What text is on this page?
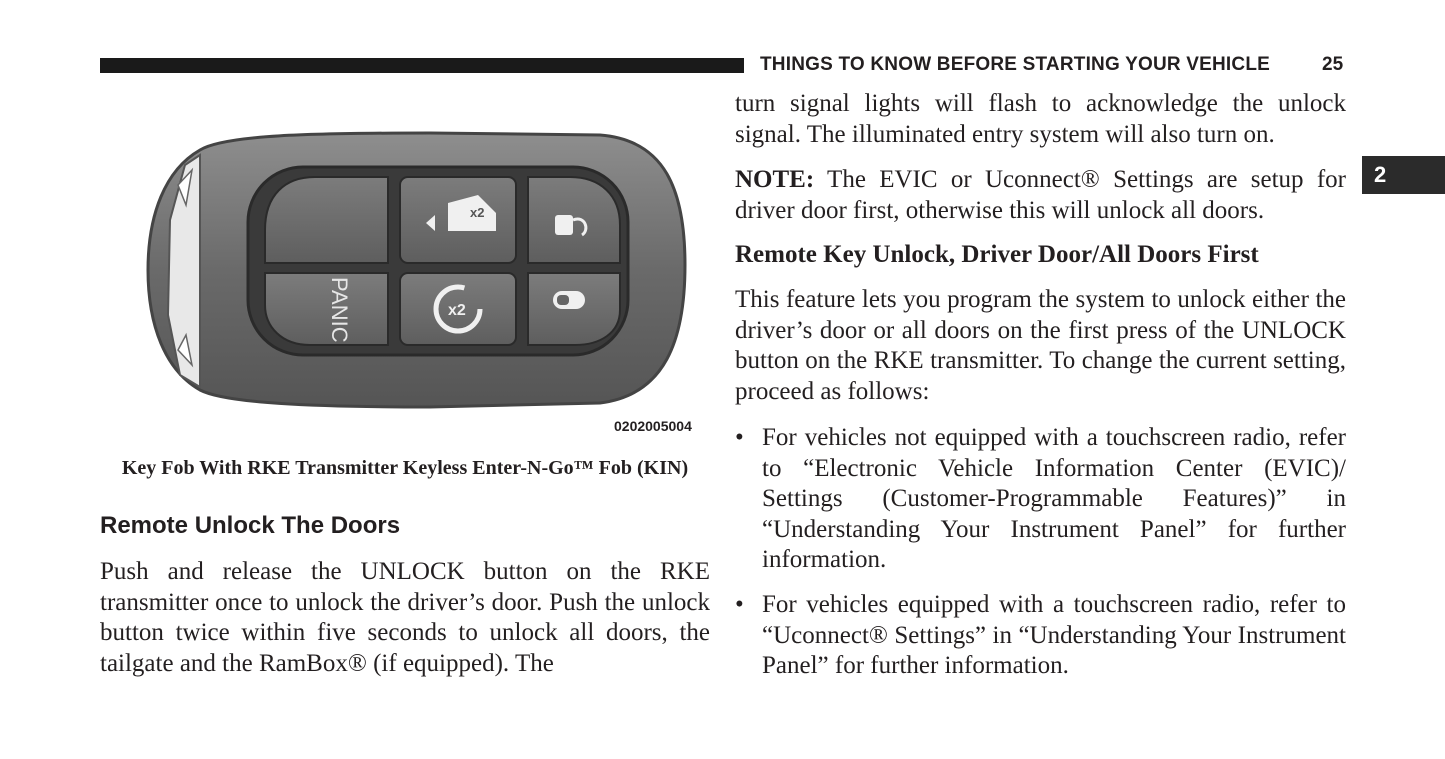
THINGS TO KNOW BEFORE STARTING YOUR VEHICLE	25
2
PANIC
x2
x2
0202005004
Key Fob With RKE Transmitter Keyless Enter-N-Go™ Fob (KIN)
Remote Unlock The Doors
Push and release the UNLOCK button on the RKE transmitter once to unlock the driver’s door. Push the unlock button twice within five seconds to unlock all doors, the tailgate and the RamBox® (if equipped). The
turn signal lights will flash to acknowledge the unlock signal. The illuminated entry system will also turn on.
NOTE: The EVIC or Uconnect® Settings are setup for driver door first, otherwise this will unlock all doors.
Remote Key Unlock, Driver Door/All Doors First
This feature lets you program the system to unlock either the driver’s door or all doors on the first press of the UNLOCK button on the RKE transmitter. To change the current setting, proceed as follows:
• For vehicles not equipped with a touchscreen radio, refer to “Electronic Vehicle Information Center (EVIC)/ Settings (Customer-Programmable Features)” in “Understanding Your Instrument Panel” for further information.
• For vehicles equipped with a touchscreen radio, refer to “Uconnect® Settings” in “Understanding Your Instrument Panel” for further information.
